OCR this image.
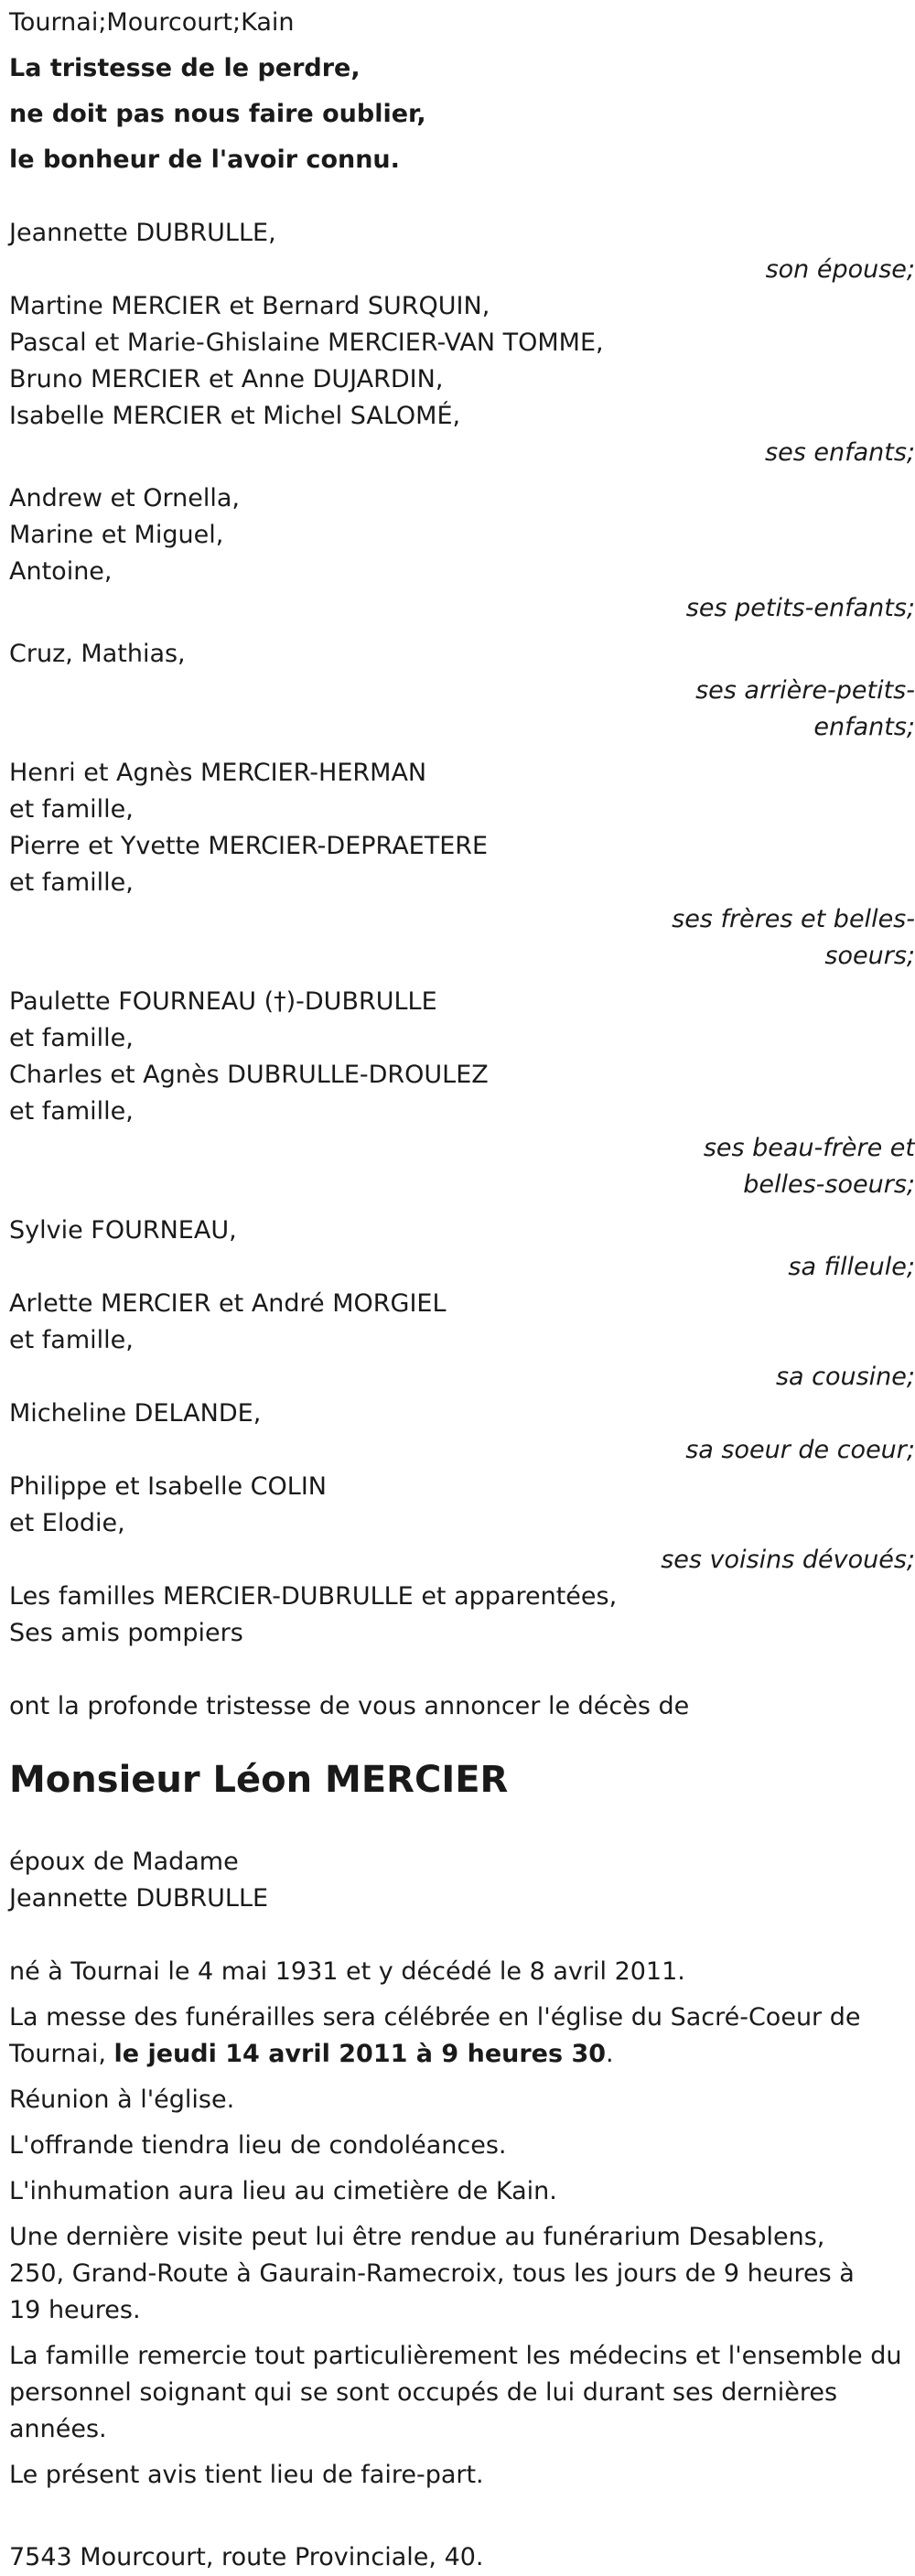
Tournai;Mourcourt;Kain
La tristesse de le perdre,
ne doit pas nous faire oublier,
le bonheur de l'avoir connu.
Jeannette DUBRULLE,
son épouse;
Martine MERCIER et Bernard SURQUIN,
Pascal et Marie-Ghislaine MERCIER-VAN TOMME,
Bruno MERCIER et Anne DUJARDIN,
Isabelle MERCIER et Michel SALOMÉ,
ses enfants;
Andrew et Ornella,
Marine et Miguel,
Antoine,
ses petits-enfants;
Cruz, Mathias,
ses arrière-petits-
enfants;
Henri et Agnès MERCIER-HERMAN
et famille,
Pierre et Yvette MERCIER-DEPRAETERE
et famille,
ses frères et belles-
soeurs;
Paulette FOURNEAU (†)-DUBRULLE
et famille,
Charles et Agnès DUBRULLE-DROULEZ
et famille,
ses beau-frère et
belles-soeurs;
Sylvie FOURNEAU,
sa filleule;
Arlette MERCIER et André MORGIEL
et famille,
sa cousine;
Micheline DELANDE,
sa soeur de coeur;
Philippe et Isabelle COLIN
et Elodie,
ses voisins dévoués;
Les familles MERCIER-DUBRULLE et apparentées,
Ses amis pompiers
ont la profonde tristesse de vous annoncer le décès de
Monsieur Léon MERCIER
époux de Madame
Jeannette DUBRULLE
né à Tournai le 4 mai 1931 et y décédé le 8 avril 2011.
La messe des funérailles sera célébrée en l'église du Sacré-Coeur de Tournai, le jeudi 14 avril 2011 à 9 heures 30.
Réunion à l'église.
L'offrande tiendra lieu de condoléances.
L'inhumation aura lieu au cimetière de Kain.
Une dernière visite peut lui être rendue au funérarium Desablens, 250, Grand-Route à Gaurain-Ramecroix, tous les jours de 9 heures à 19 heures.
La famille remercie tout particulièrement les médecins et l'ensemble du personnel soignant qui se sont occupés de lui durant ses dernières années.
Le présent avis tient lieu de faire-part.
7543 Mourcourt, route Provinciale, 40.
